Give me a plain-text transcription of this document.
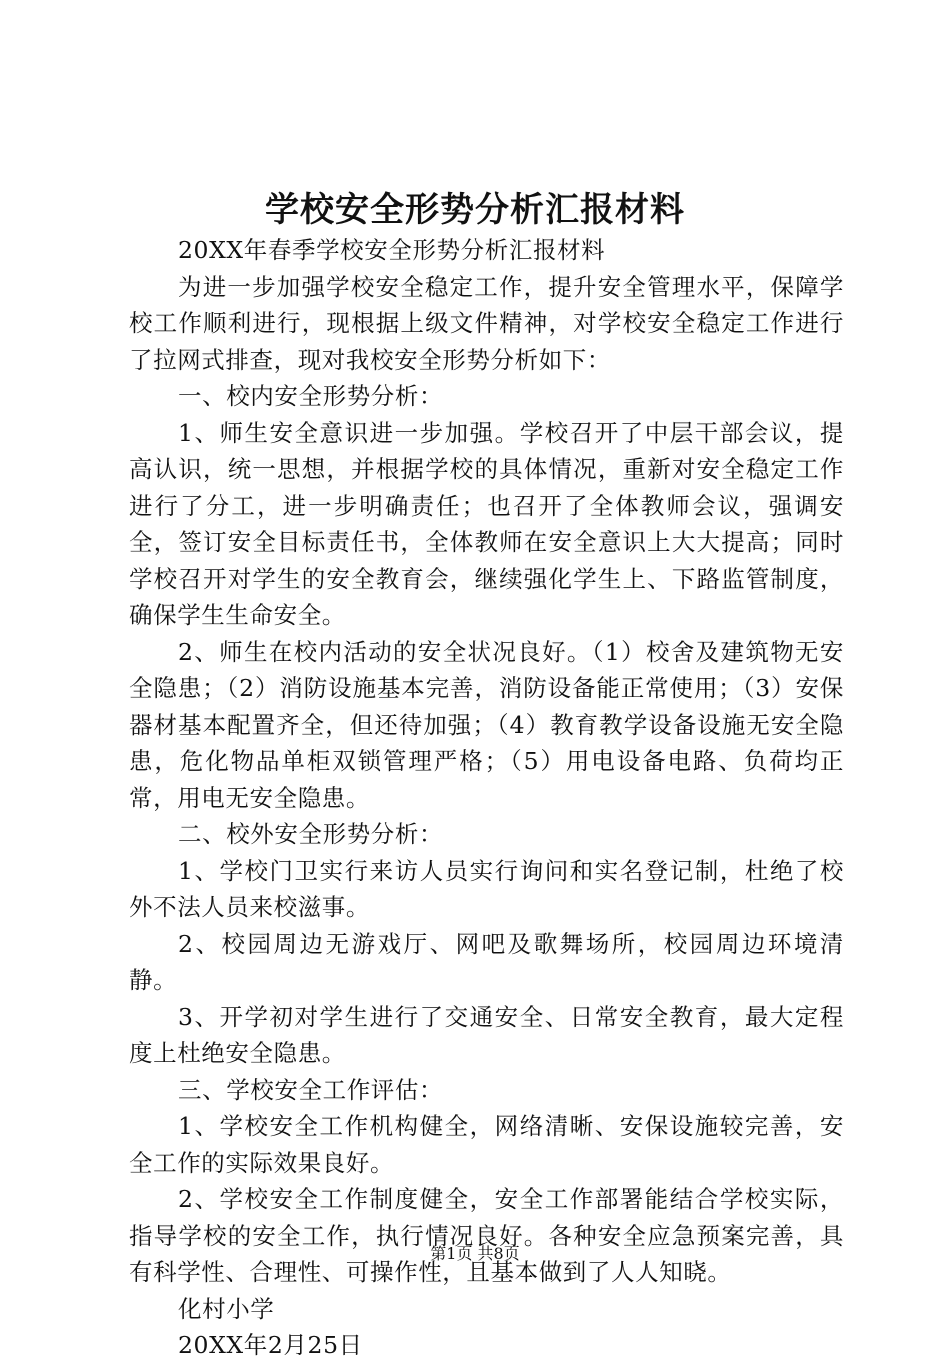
学校安全形势分析汇报材料

20XX年春季学校安全形势分析汇报材料

为进一步加强学校安全稳定工作，提升安全管理水平，保障学校工作顺利进行，现根据上级文件精神，对学校安全稳定工作进行了拉网式排查，现对我校安全形势分析如下：

一、校内安全形势分析：

1、师生安全意识进一步加强。学校召开了中层干部会议，提高认识，统一思想，并根据学校的具体情况，重新对安全稳定工作进行了分工，进一步明确责任；也召开了全体教师会议，强调安全，签订安全目标责任书，全体教师在安全意识上大大提高；同时学校召开对学生的安全教育会，继续强化学生上、下路监管制度，确保学生生命安全。

2、师生在校内活动的安全状况良好。（1）校舍及建筑物无安全隐患；（2）消防设施基本完善，消防设备能正常使用；（3）安保器材基本配置齐全，但还待加强；（4）教育教学设备设施无安全隐患，危化物品单柜双锁管理严格；（5）用电设备电路、负荷均正常，用电无安全隐患。

二、校外安全形势分析：

1、学校门卫实行来访人员实行询问和实名登记制，杜绝了校外不法人员来校滋事。

2、校园周边无游戏厅、网吧及歌舞场所，校园周边环境清静。

3、开学初对学生进行了交通安全、日常安全教育，最大定程度上杜绝安全隐患。

三、学校安全工作评估：

1、学校安全工作机构健全，网络清晰、安保设施较完善，安全工作的实际效果良好。

2、学校安全工作制度健全，安全工作部署能结合学校实际，指导学校的安全工作，执行情况良好。各种安全应急预案完善，具有科学性、合理性、可操作性，且基本做到了人人知晓。

化村小学

20XX年2月25日

第1页 共8页
